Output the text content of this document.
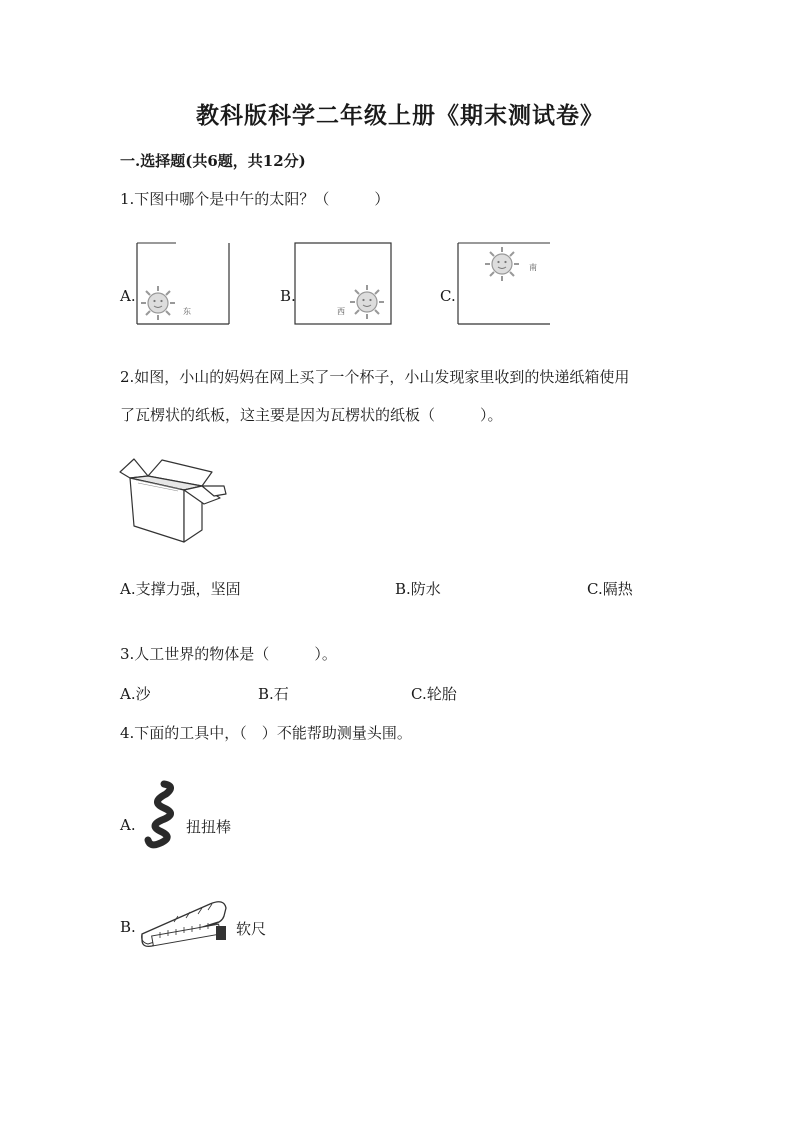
教科版科学二年级上册《期末测试卷》
一.选择题(共6题，共12分)
1.下图中哪个是中午的太阳？（　　　）
A.
东
B.
西
C.
南
2.如图，小山的妈妈在网上买了一个杯子，小山发现家里收到的快递纸箱使用
了瓦楞状的纸板，这主要是因为瓦楞状的纸板（　　　）。
A.支撑力强，坚固	B.防水	C.隔热
3.人工世界的物体是（　　　）。
A.沙	B.石	C.轮胎
4.下面的工具中，（　）不能帮助测量头围。
A.	扭扭棒
B.	软尺
